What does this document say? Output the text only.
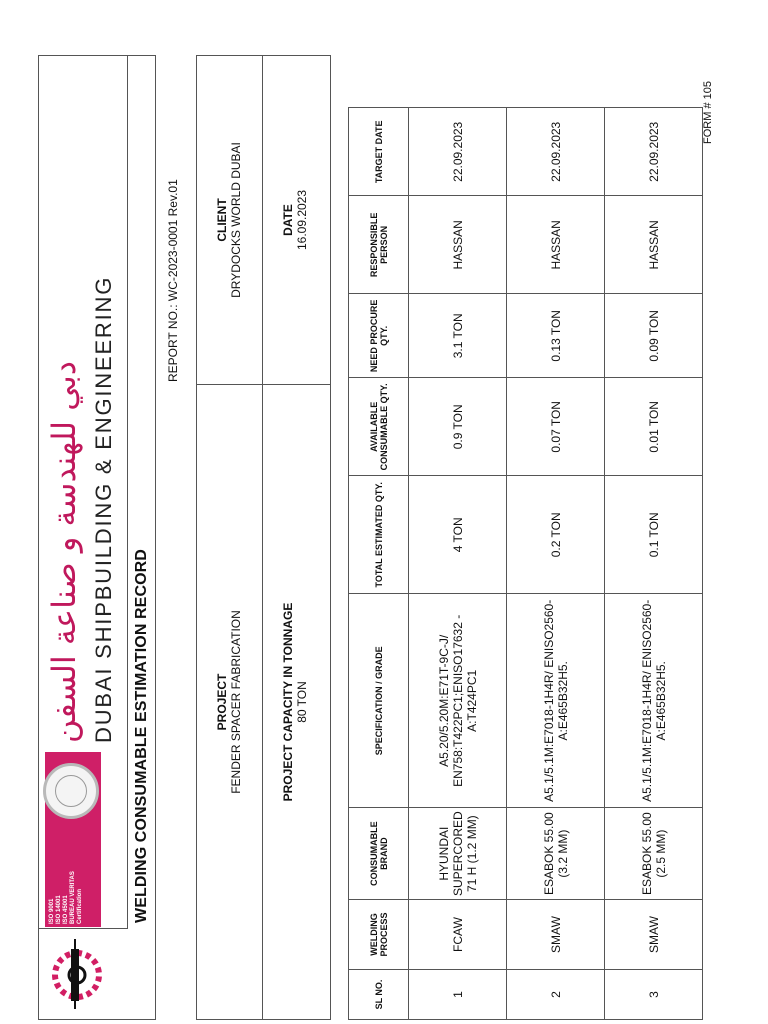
ISO 9001 ISO 14001 ISO 45001 BUREAU VERITAS Certification
دبي للهندسة و صناعة السفن DUBAI SHIPBUILDING & ENGINEERING WELDING CONSUMABLE ESTIMATION RECORD
REPORT NO.: WC-2023-0001 Rev.01
PROJECT FENDER SPACER FABRICATION
CLIENT DRYDOCKS WORLD DUBAI
PROJECT CAPACITY IN TONNAGE 80 TON
DATE 16.09.2023
SL NO.	WELDING PROCESS	CONSUMABLE BRAND	SPECIFICATION / GRADE	TOTAL ESTIMATED QTY.	AVAILABLE CONSUMABLE QTY.	NEED PROCURE QTY.	RESPONSIBLE PERSON	TARGET DATE
1	FCAW	HYUNDAI SUPERCORED 71 H (1.2 MM)	A5.20/5.20M:E71T-9C-J/ EN758:T422PC1;ENISO17632 -A:T424PC1	4 TON	0.9 TON	3.1 TON	HASSAN	22.09.2023
2	SMAW	ESABOK 55.00 (3.2 MM)	A5.1/5.1M:E7018-1H4R/ ENISO2560-A:E465B32H5.	0.2 TON	0.07 TON	0.13 TON	HASSAN	22.09.2023
3	SMAW	ESABOK 55.00 (2.5 MM)	A5.1/5.1M:E7018-1H4R/ ENISO2560-A:E465B32H5.	0.1 TON	0.01 TON	0.09 TON	HASSAN	22.09.2023
FORM # 105
